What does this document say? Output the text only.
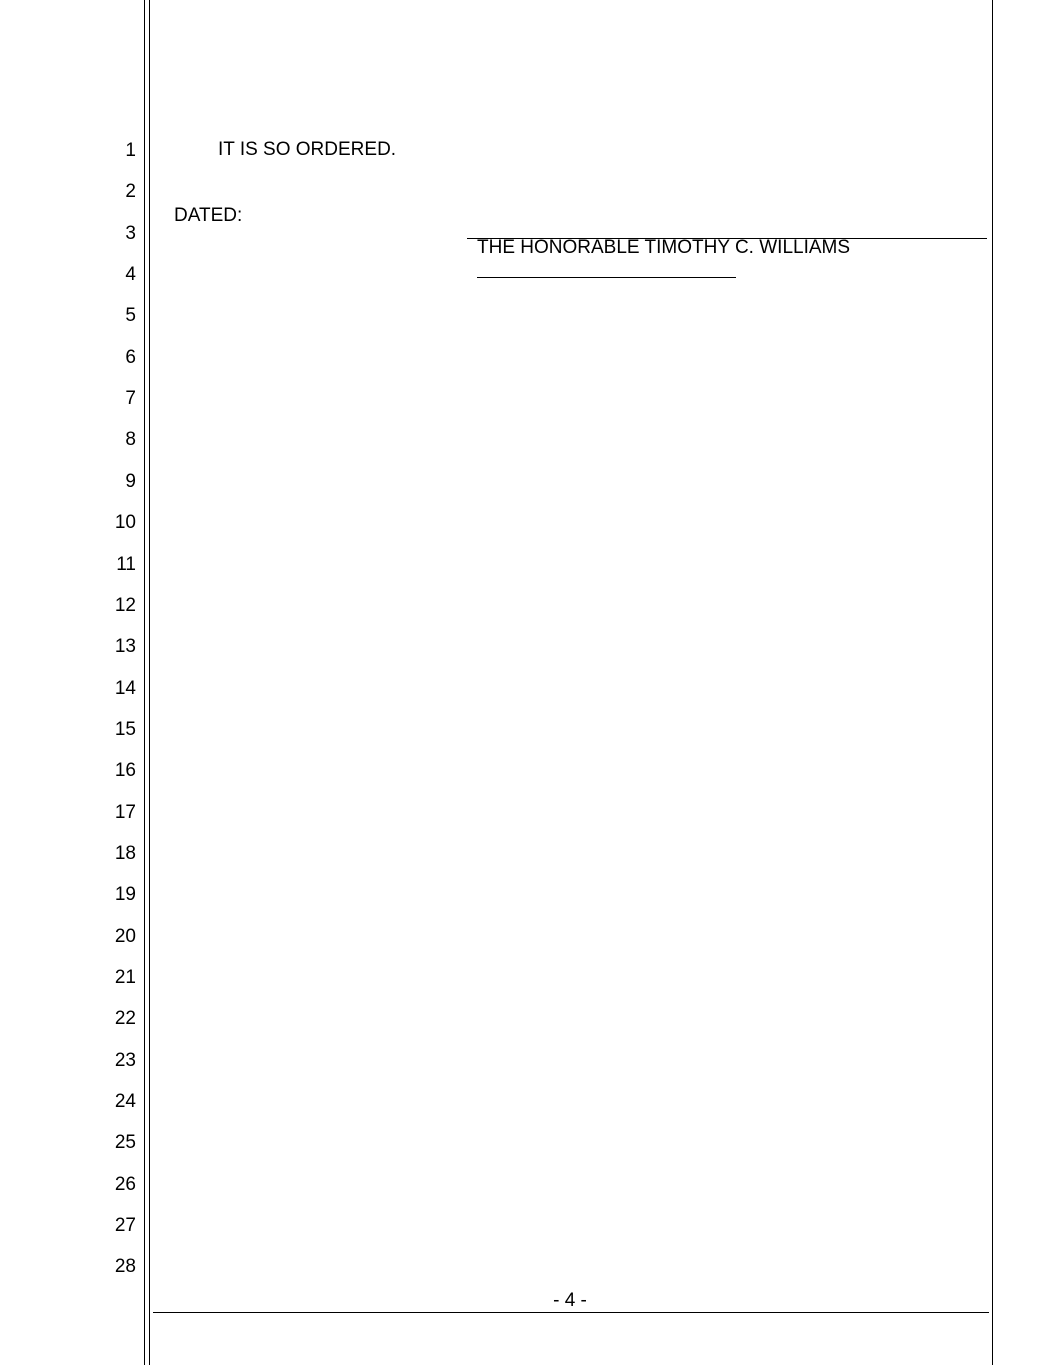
1
2
3
4
5
6
7
8
9
10
11
12
13
14
15
16
17
18
19
20
21
22
23
24
25
26
27
28
IT IS SO ORDERED.
DATED:
THE HONORABLE TIMOTHY C. WILLIAMS
- 4 -
